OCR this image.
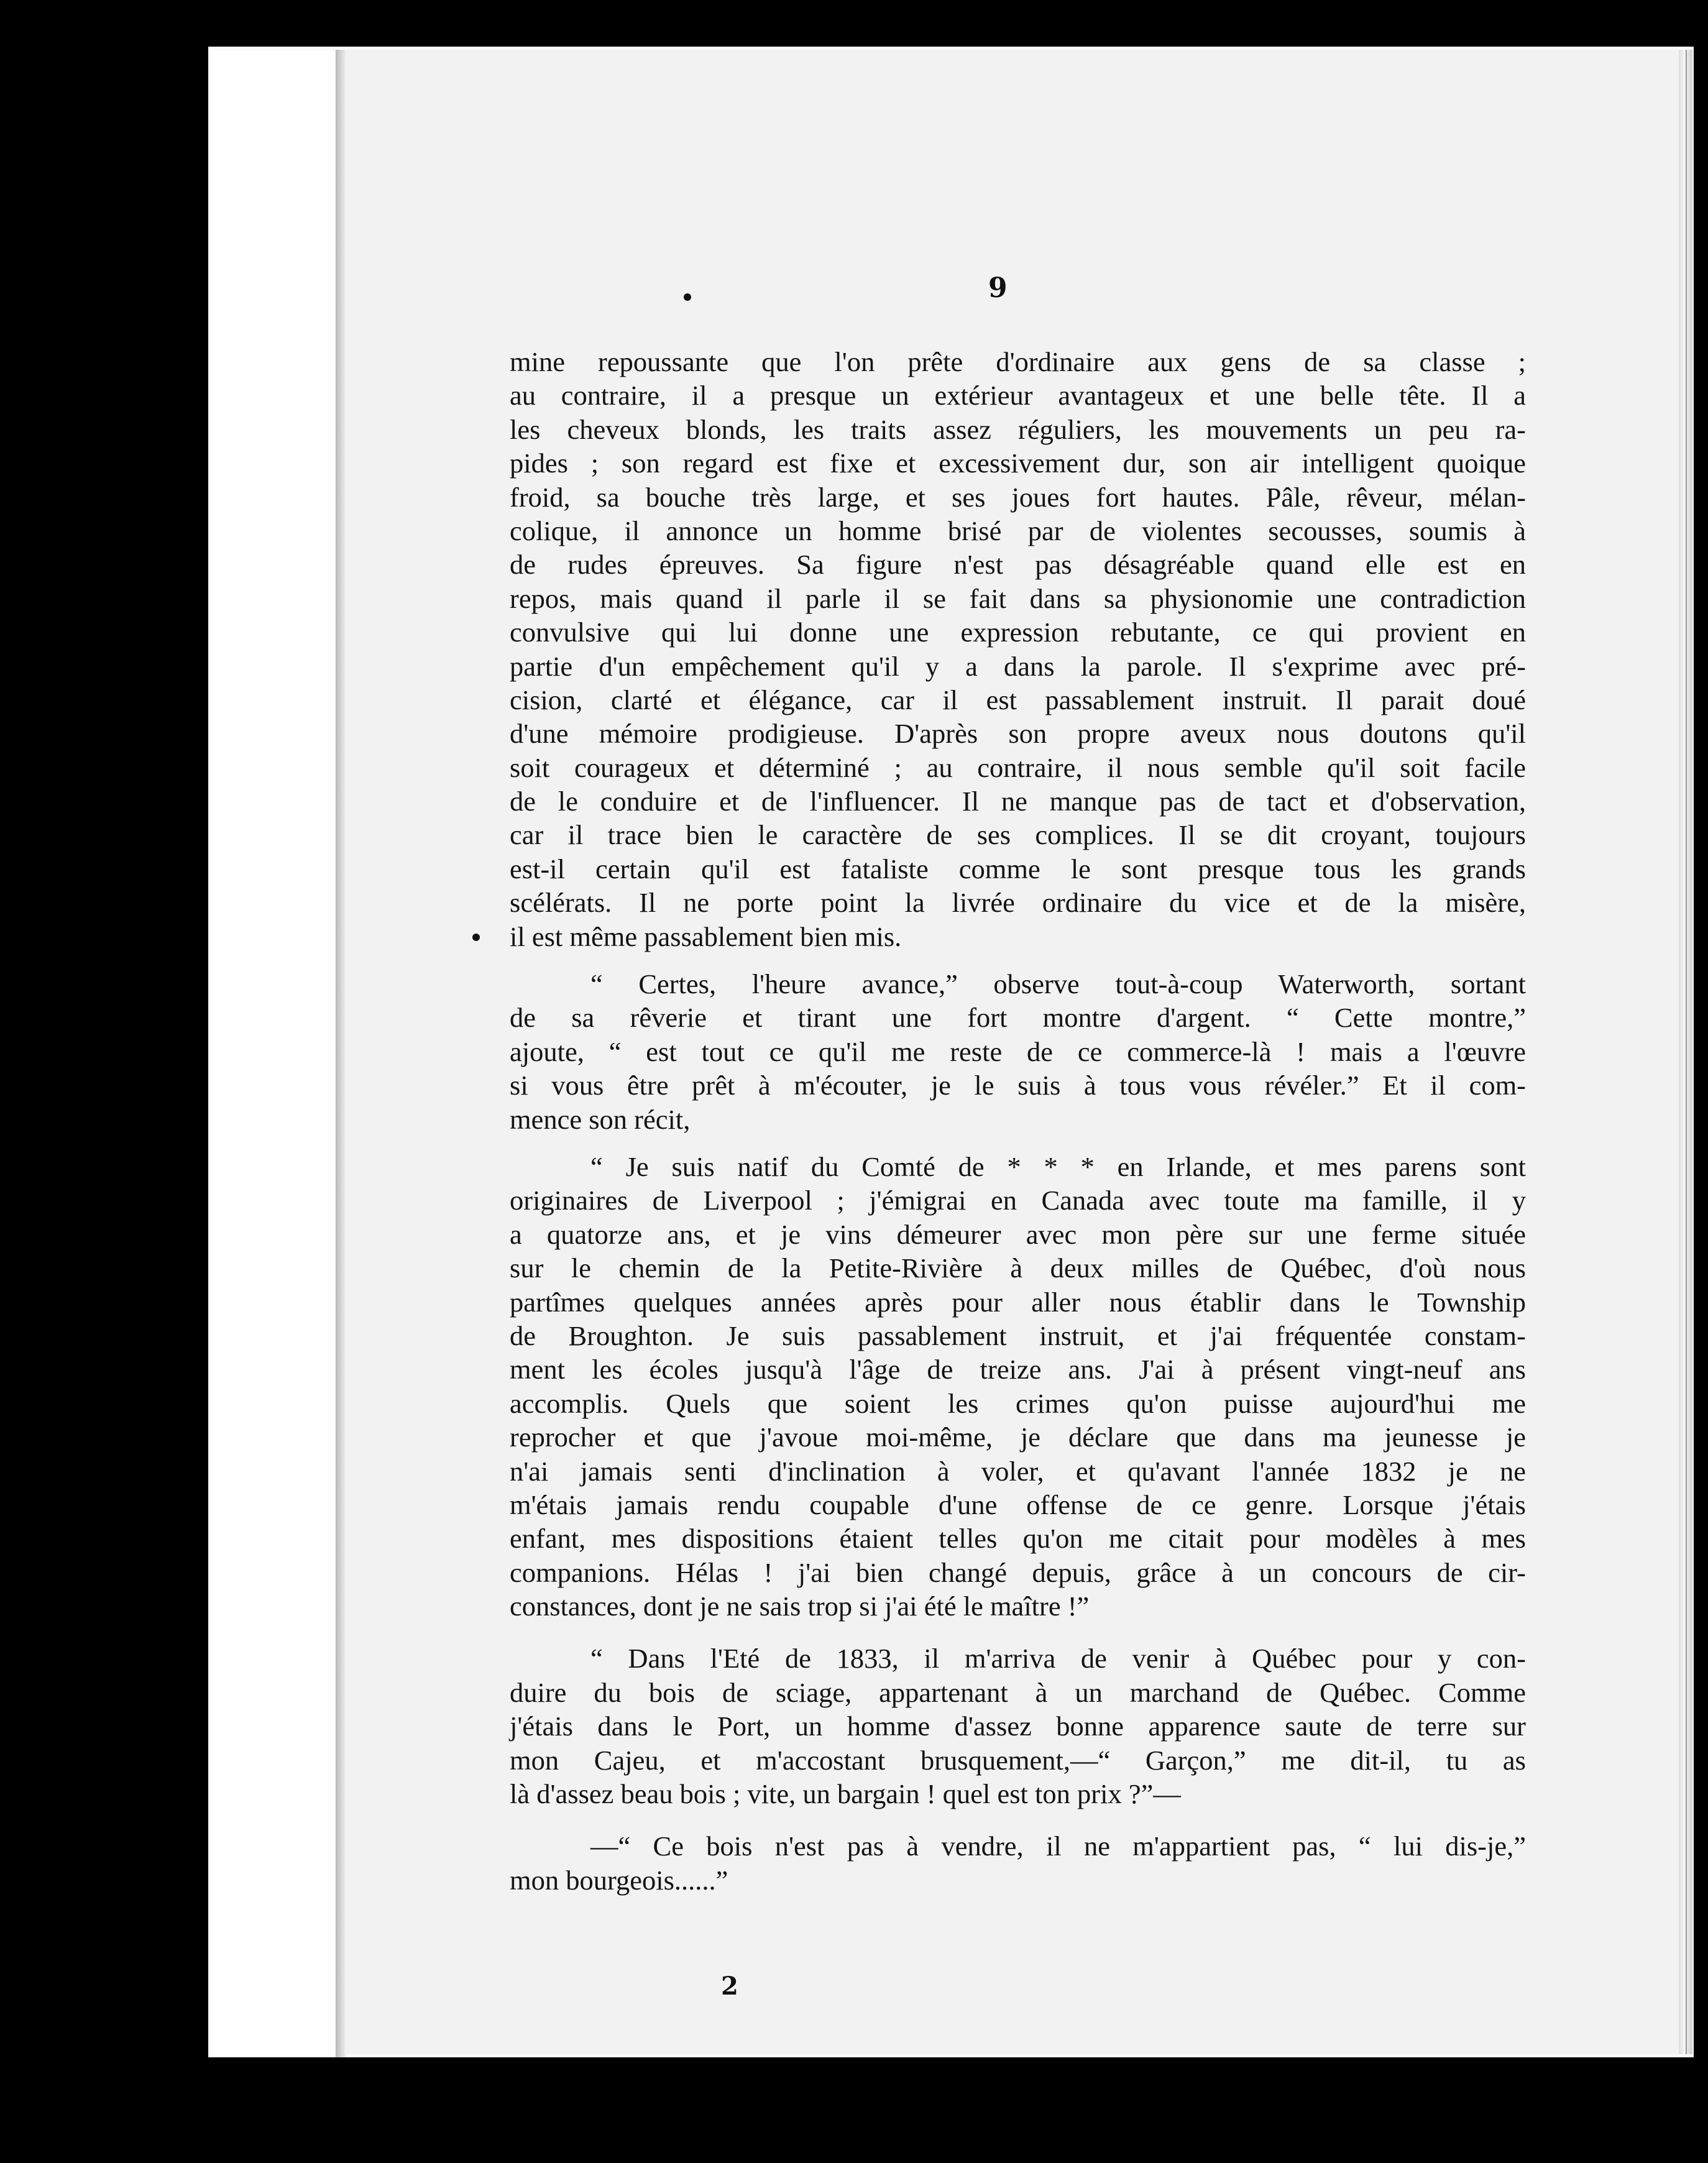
9
mine repoussante que l'on prête d'ordinaire aux gens de sa classe ;
au contraire, il a presque un extérieur avantageux et une belle tête. Il a
les cheveux blonds, les traits assez réguliers, les mouvements un peu ra-
pides ; son regard est fixe et excessivement dur, son air intelligent quoique
froid, sa bouche très large, et ses joues fort hautes. Pâle, rêveur, mélan-
colique, il annonce un homme brisé par de violentes secousses, soumis à
de rudes épreuves. Sa figure n'est pas désagréable quand elle est en
repos, mais quand il parle il se fait dans sa physionomie une contradiction
convulsive qui lui donne une expression rebutante, ce qui provient en
partie d'un empêchement qu'il y a dans la parole. Il s'exprime avec pré-
cision, clarté et élégance, car il est passablement instruit. Il parait doué
d'une mémoire prodigieuse. D'après son propre aveux nous doutons qu'il
soit courageux et déterminé ; au contraire, il nous semble qu'il soit facile
de le conduire et de l'influencer. Il ne manque pas de tact et d'observation,
car il trace bien le caractère de ses complices. Il se dit croyant, toujours
est-il certain qu'il est fataliste comme le sont presque tous les grands
scélérats. Il ne porte point la livrée ordinaire du vice et de la misère,
il est même passablement bien mis.
“ Certes, l'heure avance,” observe tout-à-coup Waterworth, sortant
de sa rêverie et tirant une fort montre d'argent. “ Cette montre,”
ajoute, “ est tout ce qu'il me reste de ce commerce-là ! mais a l'œuvre
si vous être prêt à m'écouter, je le suis à tous vous révéler.” Et il com-
mence son récit,
“ Je suis natif du Comté de * * * en Irlande, et mes parens sont
originaires de Liverpool ; j'émigrai en Canada avec toute ma famille, il y
a quatorze ans, et je vins démeurer avec mon père sur une ferme située
sur le chemin de la Petite-Rivière à deux milles de Québec, d'où nous
partîmes quelques années après pour aller nous établir dans le Township
de Broughton. Je suis passablement instruit, et j'ai fréquentée constam-
ment les écoles jusqu'à l'âge de treize ans. J'ai à présent vingt-neuf ans
accomplis. Quels que soient les crimes qu'on puisse aujourd'hui me
reprocher et que j'avoue moi-même, je déclare que dans ma jeunesse je
n'ai jamais senti d'inclination à voler, et qu'avant l'année 1832 je ne
m'étais jamais rendu coupable d'une offense de ce genre. Lorsque j'étais
enfant, mes dispositions étaient telles qu'on me citait pour modèles à mes
companions. Hélas ! j'ai bien changé depuis, grâce à un concours de cir-
constances, dont je ne sais trop si j'ai été le maître !”
“ Dans l'Eté de 1833, il m'arriva de venir à Québec pour y con-
duire du bois de sciage, appartenant à un marchand de Québec. Comme
j'étais dans le Port, un homme d'assez bonne apparence saute de terre sur
mon Cajeu, et m'accostant brusquement,—“ Garçon,” me dit-il, tu as
là d'assez beau bois ; vite, un bargain ! quel est ton prix ?”—
—“ Ce bois n'est pas à vendre, il ne m'appartient pas, “ lui dis-je,”
mon bourgeois......”
2
